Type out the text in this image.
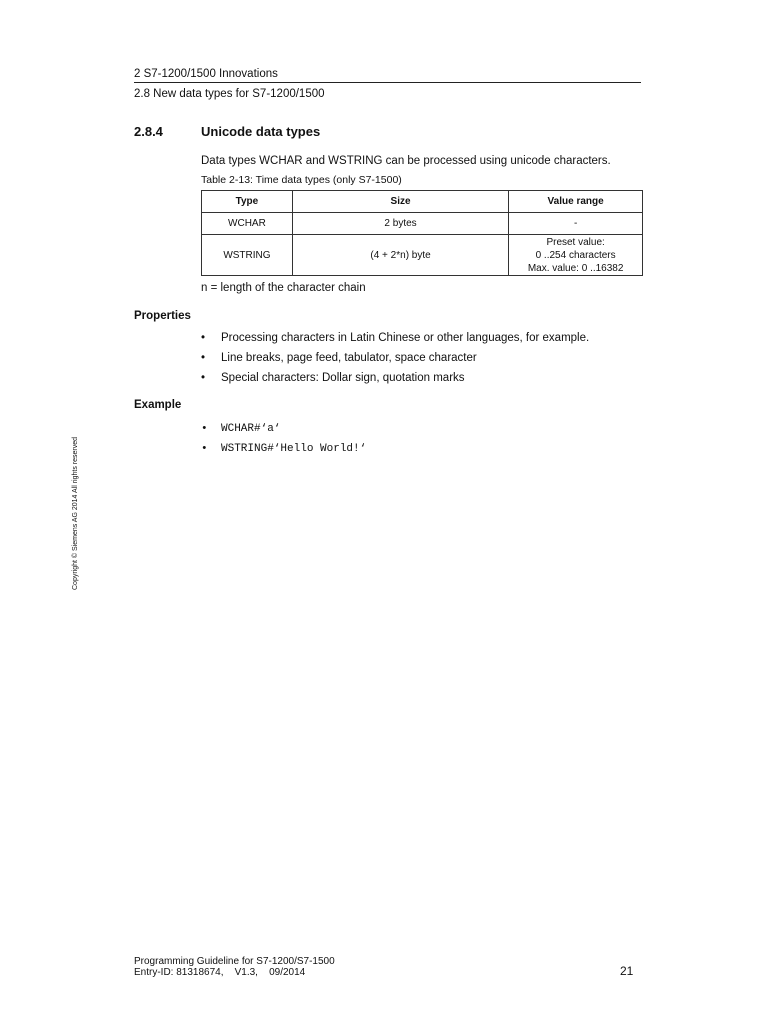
2 S7-1200/1500 Innovations
2.8 New data types for S7-1200/1500
2.8.4	Unicode data types
Data types WCHAR and WSTRING can be processed using unicode characters.
Table 2-13: Time data types (only S7-1500)
Type	Size	Value range
WCHAR	2 bytes	-
WSTRING	(4 + 2*n) byte	Preset value:
0 ..254 characters
Max. value: 0 ..16382
n = length of the character chain
Properties
• Processing characters in Latin Chinese or other languages, for example.
• Line breaks, page feed, tabulator, space character
• Special characters: Dollar sign, quotation marks
Example
• WCHAR#‘a‘
• WSTRING#‘Hello World!‘
Copyright © Siemens AG 2014 All rights reserved
Programming Guideline for S7-1200/S7-1500
Entry-ID: 81318674,    V1.3,    09/2014	21
